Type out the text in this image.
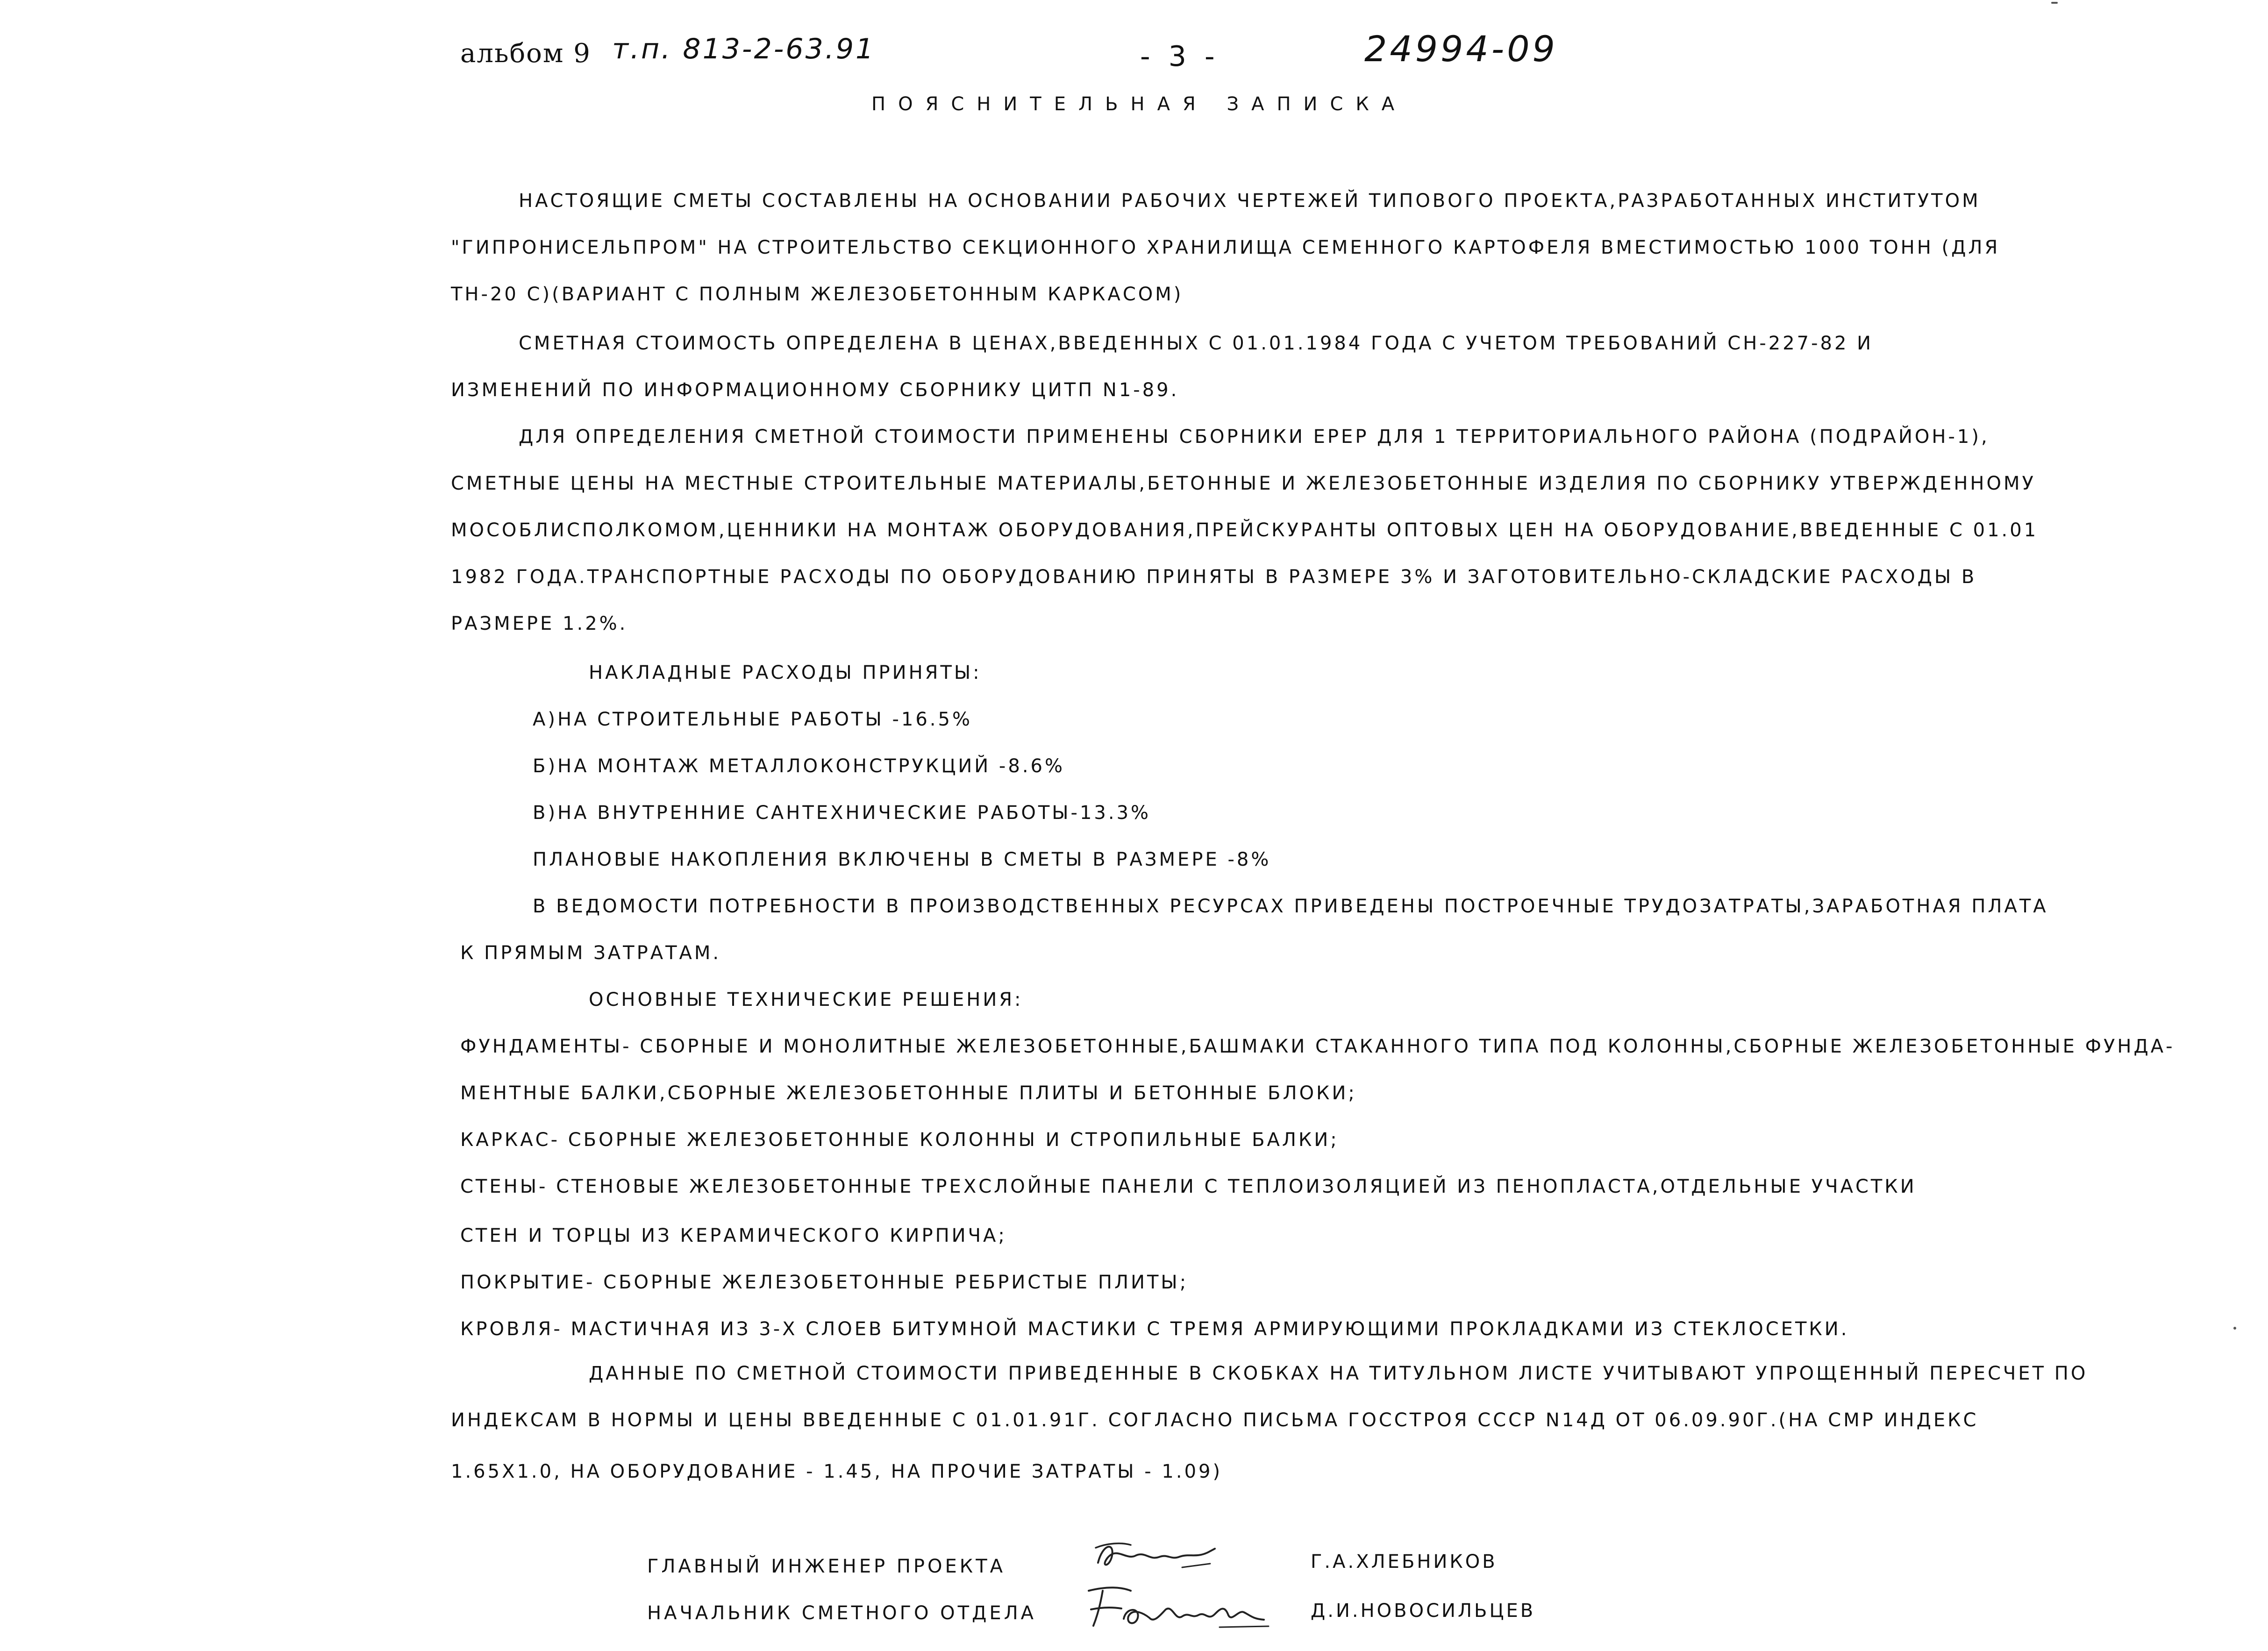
альбом 9 т.п. 813-2-63.91	- 3 -	24994-09
ПОЯСНИТЕЛЬНАЯ ЗАПИСКА
НАСТОЯЩИЕ СМЕТЫ СОСТАВЛЕНЫ НА ОСНОВАНИИ РАБОЧИХ ЧЕРТЕЖЕЙ ТИПОВОГО ПРОЕКТА,РАЗРАБОТАННЫХ ИНСТИТУТОМ
"ГИПРОНИСЕЛЬПРОМ" НА СТРОИТЕЛЬСТВО СЕКЦИОННОГО ХРАНИЛИЩА СЕМЕННОГО КАРТОФЕЛЯ ВМЕСТИМОСТЬЮ 1000 ТОНН (ДЛЯ
ТН-20 С)(ВАРИАНТ С ПОЛНЫМ ЖЕЛЕЗОБЕТОННЫМ КАРКАСОМ)
СМЕТНАЯ СТОИМОСТЬ ОПРЕДЕЛЕНА В ЦЕНАХ,ВВЕДЕННЫХ С 01.01.1984 ГОДА С УЧЕТОМ ТРЕБОВАНИЙ СН-227-82 И
ИЗМЕНЕНИЙ ПО ИНФОРМАЦИОННОМУ СБОРНИКУ ЦИТП N1-89.
ДЛЯ ОПРЕДЕЛЕНИЯ СМЕТНОЙ СТОИМОСТИ ПРИМЕНЕНЫ СБОРНИКИ ЕРЕР ДЛЯ 1 ТЕРРИТОРИАЛЬНОГО РАЙОНА (ПОДРАЙОН-1),
СМЕТНЫЕ ЦЕНЫ НА МЕСТНЫЕ СТРОИТЕЛЬНЫЕ МАТЕРИАЛЫ,БЕТОННЫЕ И ЖЕЛЕЗОБЕТОННЫЕ ИЗДЕЛИЯ ПО СБОРНИКУ УТВЕРЖДЕННОМУ
МОСОБЛИСПОЛКОМОМ,ЦЕННИКИ НА МОНТАЖ ОБОРУДОВАНИЯ,ПРЕЙСКУРАНТЫ ОПТОВЫХ ЦЕН НА ОБОРУДОВАНИЕ,ВВЕДЕННЫЕ С 01.01
1982 ГОДА.ТРАНСПОРТНЫЕ РАСХОДЫ ПО ОБОРУДОВАНИЮ ПРИНЯТЫ В РАЗМЕРЕ 3% И ЗАГОТОВИТЕЛЬНО-СКЛАДСКИЕ РАСХОДЫ В
РАЗМЕРЕ 1.2%.
НАКЛАДНЫЕ РАСХОДЫ ПРИНЯТЫ:
А)НА СТРОИТЕЛЬНЫЕ РАБОТЫ -16.5%
Б)НА МОНТАЖ МЕТАЛЛОКОНСТРУКЦИЙ -8.6%
В)НА ВНУТРЕННИЕ САНТЕХНИЧЕСКИЕ РАБОТЫ-13.3%
ПЛАНОВЫЕ НАКОПЛЕНИЯ ВКЛЮЧЕНЫ В СМЕТЫ В РАЗМЕРЕ -8%
В ВЕДОМОСТИ ПОТРЕБНОСТИ В ПРОИЗВОДСТВЕННЫХ РЕСУРСАХ ПРИВЕДЕНЫ ПОСТРОЕЧНЫЕ ТРУДОЗАТРАТЫ,ЗАРАБОТНАЯ ПЛАТА
К ПРЯМЫМ ЗАТРАТАМ.
ОСНОВНЫЕ ТЕХНИЧЕСКИЕ РЕШЕНИЯ:
ФУНДАМЕНТЫ- СБОРНЫЕ И МОНОЛИТНЫЕ ЖЕЛЕЗОБЕТОННЫЕ,БАШМАКИ СТАКАННОГО ТИПА ПОД КОЛОННЫ,СБОРНЫЕ ЖЕЛЕЗОБЕТОННЫЕ ФУНДА-
МЕНТНЫЕ БАЛКИ,СБОРНЫЕ ЖЕЛЕЗОБЕТОННЫЕ ПЛИТЫ И БЕТОННЫЕ БЛОКИ;
КАРКАС- СБОРНЫЕ ЖЕЛЕЗОБЕТОННЫЕ КОЛОННЫ И СТРОПИЛЬНЫЕ БАЛКИ;
СТЕНЫ- СТЕНОВЫЕ ЖЕЛЕЗОБЕТОННЫЕ ТРЕХСЛОЙНЫЕ ПАНЕЛИ С ТЕПЛОИЗОЛЯЦИЕЙ ИЗ ПЕНОПЛАСТА,ОТДЕЛЬНЫЕ УЧАСТКИ
СТЕН И ТОРЦЫ ИЗ КЕРАМИЧЕСКОГО КИРПИЧА;
ПОКРЫТИЕ- СБОРНЫЕ ЖЕЛЕЗОБЕТОННЫЕ РЕБРИСТЫЕ ПЛИТЫ;
КРОВЛЯ- МАСТИЧНАЯ ИЗ 3-Х СЛОЕВ БИТУМНОЙ МАСТИКИ С ТРЕМЯ АРМИРУЮЩИМИ ПРОКЛАДКАМИ ИЗ СТЕКЛОСЕТКИ.
ДАННЫЕ ПО СМЕТНОЙ СТОИМОСТИ ПРИВЕДЕННЫЕ В СКОБКАХ НА ТИТУЛЬНОМ ЛИСТЕ УЧИТЫВАЮТ УПРОЩЕННЫЙ ПЕРЕСЧЕТ ПО
ИНДЕКСАМ В НОРМЫ И ЦЕНЫ ВВЕДЕННЫЕ С 01.01.91Г. СОГЛАСНО ПИСЬМА ГОССТРОЯ СССР N14Д ОТ 06.09.90Г.(НА СМР ИНДЕКС
1.65X1.0, НА ОБОРУДОВАНИЕ - 1.45, НА ПРОЧИЕ ЗАТРАТЫ - 1.09)
ГЛАВНЫЙ ИНЖЕНЕР ПРОЕКТА	Г.А.ХЛЕБНИКОВ
НАЧАЛЬНИК СМЕТНОГО ОТДЕЛА	Д.И.НОВОСИЛЬЦЕВ
